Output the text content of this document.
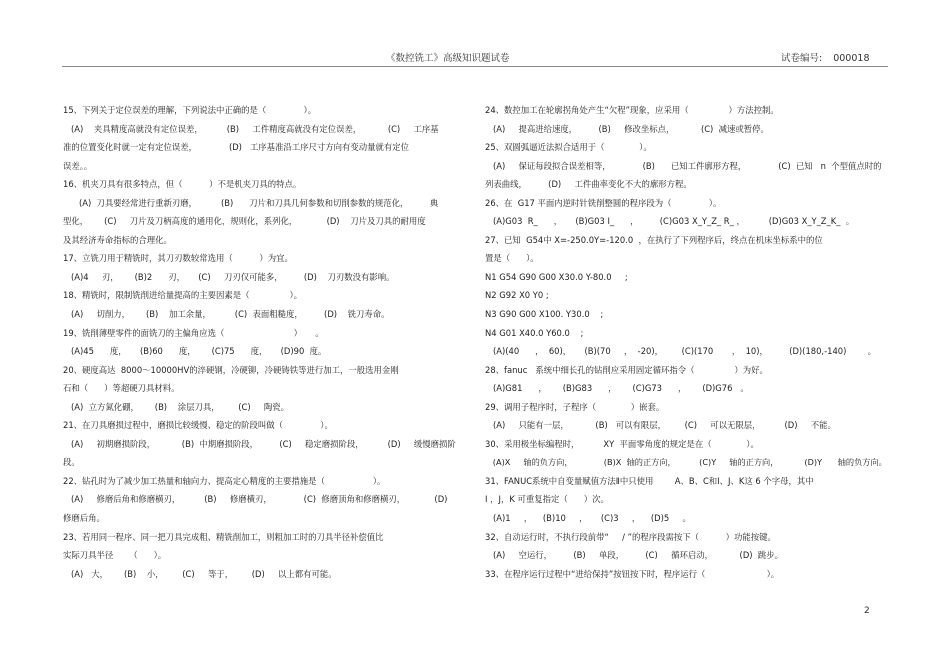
《数控铣工》高级知识题试卷	试卷编号: 000018
15、下列关于定位误差的理解，下列说法中正确的是（              ）。
(A)    夹具精度高就没有定位误差，         (B)     工件精度高就没有定位误差，          (C)     工序基
准的位置变化时就一定有定位误差，            (D)   工序基准沿工序尺寸方向有变动量就有定位
误差。。
16、机夹刀具有很多特点，但（          ）不是机夹刀具的特点。
(A)  刀具要经常进行重新刃磨，         (B)      刀片和刀具几何参数和切削参数的规范化，        典
型化，      (C)     刀片及刀柄高度的通用化，规则化，系列化，           (D)    刀片及刀具的耐用度
及其经济寿命指标的合理化。
17、立铣刀用于精铣时，其刀刃数较常选用（          ）为宜。
(A)4     刃，      (B)2      刃，     (C)     刀刃仅可能多，        (D)    刀刃数没有影响。
18、精铣时，限制铣削进给量提高的主要因素是（               ）。
(A)     切削力，      (B)    加工余量，         (C)  表面粗糙度，        (D)    铣刀寿命。
19、铣削薄壁零件的面铣刀的主偏角应选（                          ）     。
(A)45      度，     (B)60      度，      (C)75      度，     (D)90  度。
20、硬度高达  8000～10000HV的淬硬钢，冷硬铆，冷硬铸铁等进行加工，一般选用金刚
石和（      ）等超硬刀具材料。
(A)  立方氮化硼，      (B)    涂层刀具，       (C)     陶瓷。
21、在刀具磨损过程中，磨损比较缓慢、稳定的阶段叫做（              ）。
(A)     初期磨损阶段，          (B)  中期磨损阶段，        (C)     稳定磨损阶段，         (D)     缓慢磨损阶
段。
22、钻孔时为了减少加工热量和轴向力、提高定心精度的主要措施是（                  ）。
(A)     修磨后角和修磨横刃，         (B)     修磨横刃，            (C)  修磨顶角和修磨横刃，           (D)
修磨后角。
23、若用同一程序、同一把刀具完成粗、精铣削加工，则粗加工时的刀具半径补偿值比
实际刀具半径      （      ）。
(A)   大，      (B)    小，       (C)     等于，       (D)     以上都有可能。
24、数控加工在轮廓拐角处产生“欠程”现象，应采用（               ）方法控制。
(A)     提高进给速度，        (B)     修改坐标点，          (C)  减速或暂停。
25、双圆弧逼近法拟合适用于（             ）。
(A)     保证每段拟合误差相等，            (B)      已知工件廓形方程，            (C)  已知   n  个型值点时的
列表曲线，        (D)     工件曲率变化不大的廓形方程。
26、在  G17 平面内逆时针铣削整圆的程序段为（              ）。
(A)G03  R_      ，     (B)G03 I_      ，        (C)G03 X_Y_Z_ R_ ，         (D)G03 X_Y_Z_K_  。
27、已知  G54中 X=-250.0Y=-120.0  ，在执行了下列程序后，终点在机床坐标系中的位
置是（      ）。
N1 G54 G90 G00 X30.0 Y-80.0     ;
N2 G92 X0 Y0 ;
N3 G90 G00 X100. Y30.0    ;
N4 G01 X40.0 Y60.0    ;
(A)(40      ，  60)，     (B)(70     ，  -20)，       (C)(170       ，  10)，        (D)(180,-140)        。
28、fanuc   系统中细长孔的钻削应采用固定循环指令（               ）为好。
(A)G81      ，      (B)G83      ，      (C)G73      ，      (D)G76   。
29、调用子程序时，子程序（             ）嵌套。
(A)     只能有一层，          (B)   可以有限层，       (C)     可以无限层，         (D)     不能。
30、采用极坐标编程时，         XY  平面零角度的规定是在（             ）。
(A)X     轴的负方向，            (B)X  轴的正方向，         (C)Y     轴的正方向，          (D)Y      轴的负方向。
31、FANUC系统中自变量赋值方法Ⅱ中只使用        A、B、C和Ⅰ、J、K这 6 个字母，其中
I ，J，K 可重复指定（      ）次。
(A)1     ，    (B)10     ，     (C)3     ，    (D)5     。
32、自动运行时，不执行段前带“     / ”的程序段需按下（          ）功能按键。
(A)     空运行，        (B)     单段，        (C)     循环启动，          (D)  跳步。
33、在程序运行过程中“进给保持”按钮按下时，程序运行（                       ）。
2
